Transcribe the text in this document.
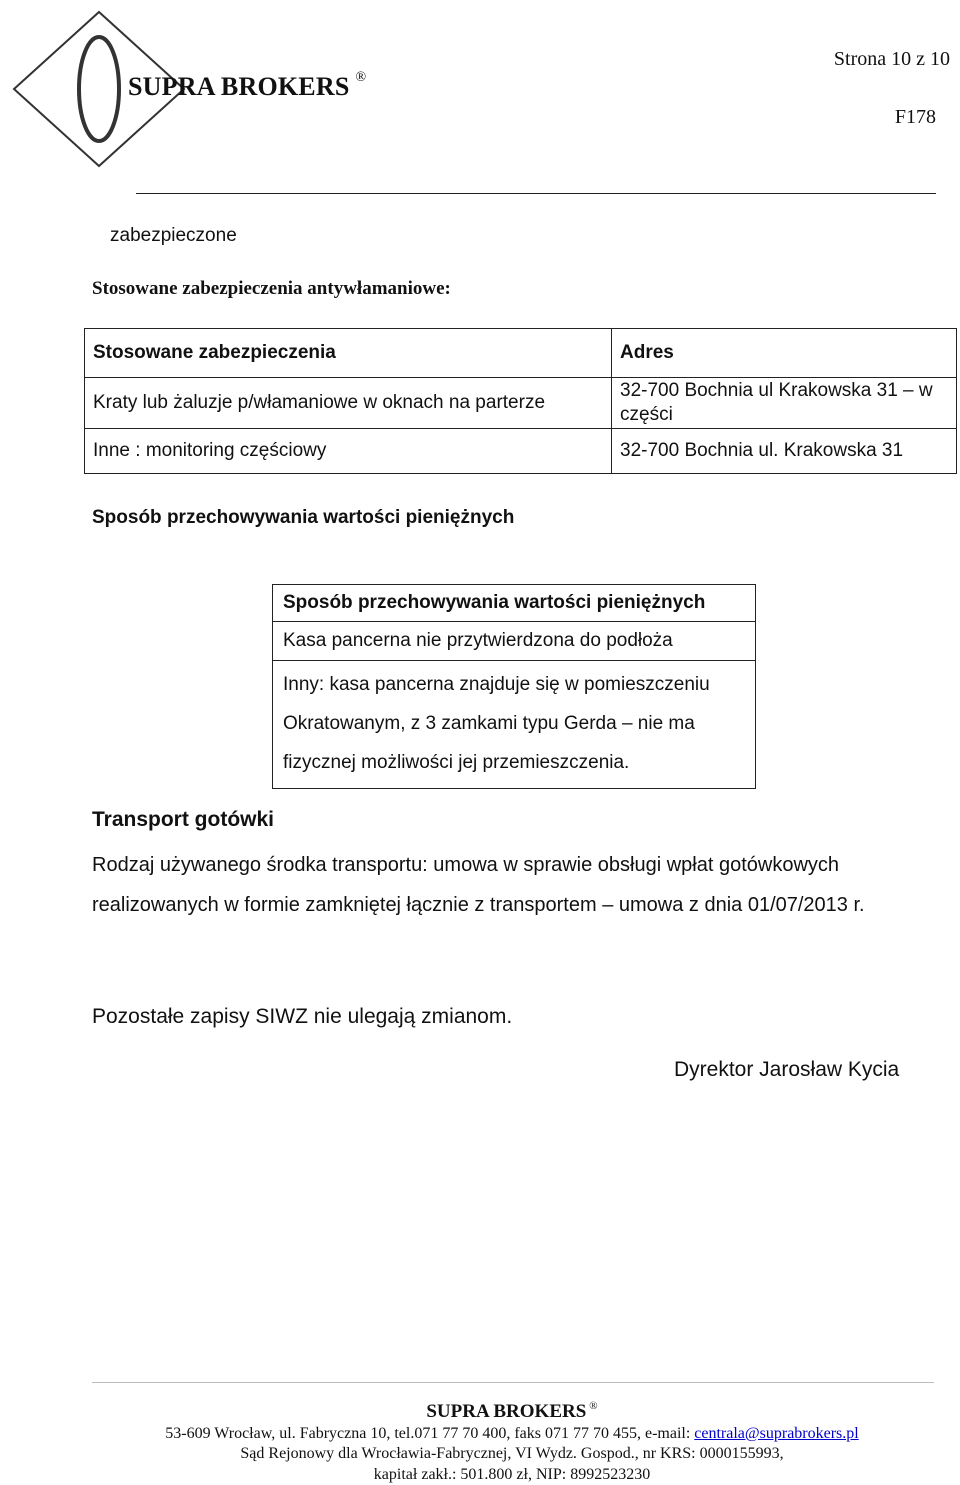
SUPRA BROKERS ®
Strona 10 z 10
F178
zabezpieczone
Stosowane zabezpieczenia antywłamaniowe:
Stosowane zabezpieczenia	Adres
Kraty lub żaluzje p/włamaniowe w oknach na parterze	32-700 Bochnia ul Krakowska 31 – w części
Inne : monitoring częściowy	32-700 Bochnia ul. Krakowska 31
Sposób przechowywania wartości pieniężnych
Sposób przechowywania wartości pieniężnych
Kasa pancerna nie przytwierdzona do podłoża
Inny: kasa pancerna znajduje się w pomieszczeniu Okratowanym, z 3 zamkami typu Gerda – nie ma fizycznej możliwości jej przemieszczenia.
Transport gotówki
Rodzaj używanego środka transportu: umowa w sprawie obsługi wpłat gotówkowych realizowanych w formie zamkniętej łącznie z transportem – umowa z dnia 01/07/2013 r.
Pozostałe zapisy SIWZ nie ulegają zmianom.
Dyrektor Jarosław Kycia
SUPRA BROKERS ®
53-609 Wrocław, ul. Fabryczna 10, tel.071 77 70 400, faks 071 77 70 455, e-mail: centrala@suprabrokers.pl
Sąd Rejonowy dla Wrocławia-Fabrycznej, VI Wydz. Gospod., nr KRS: 0000155993,
kapitał zakł.: 501.800 zł, NIP: 8992523230
